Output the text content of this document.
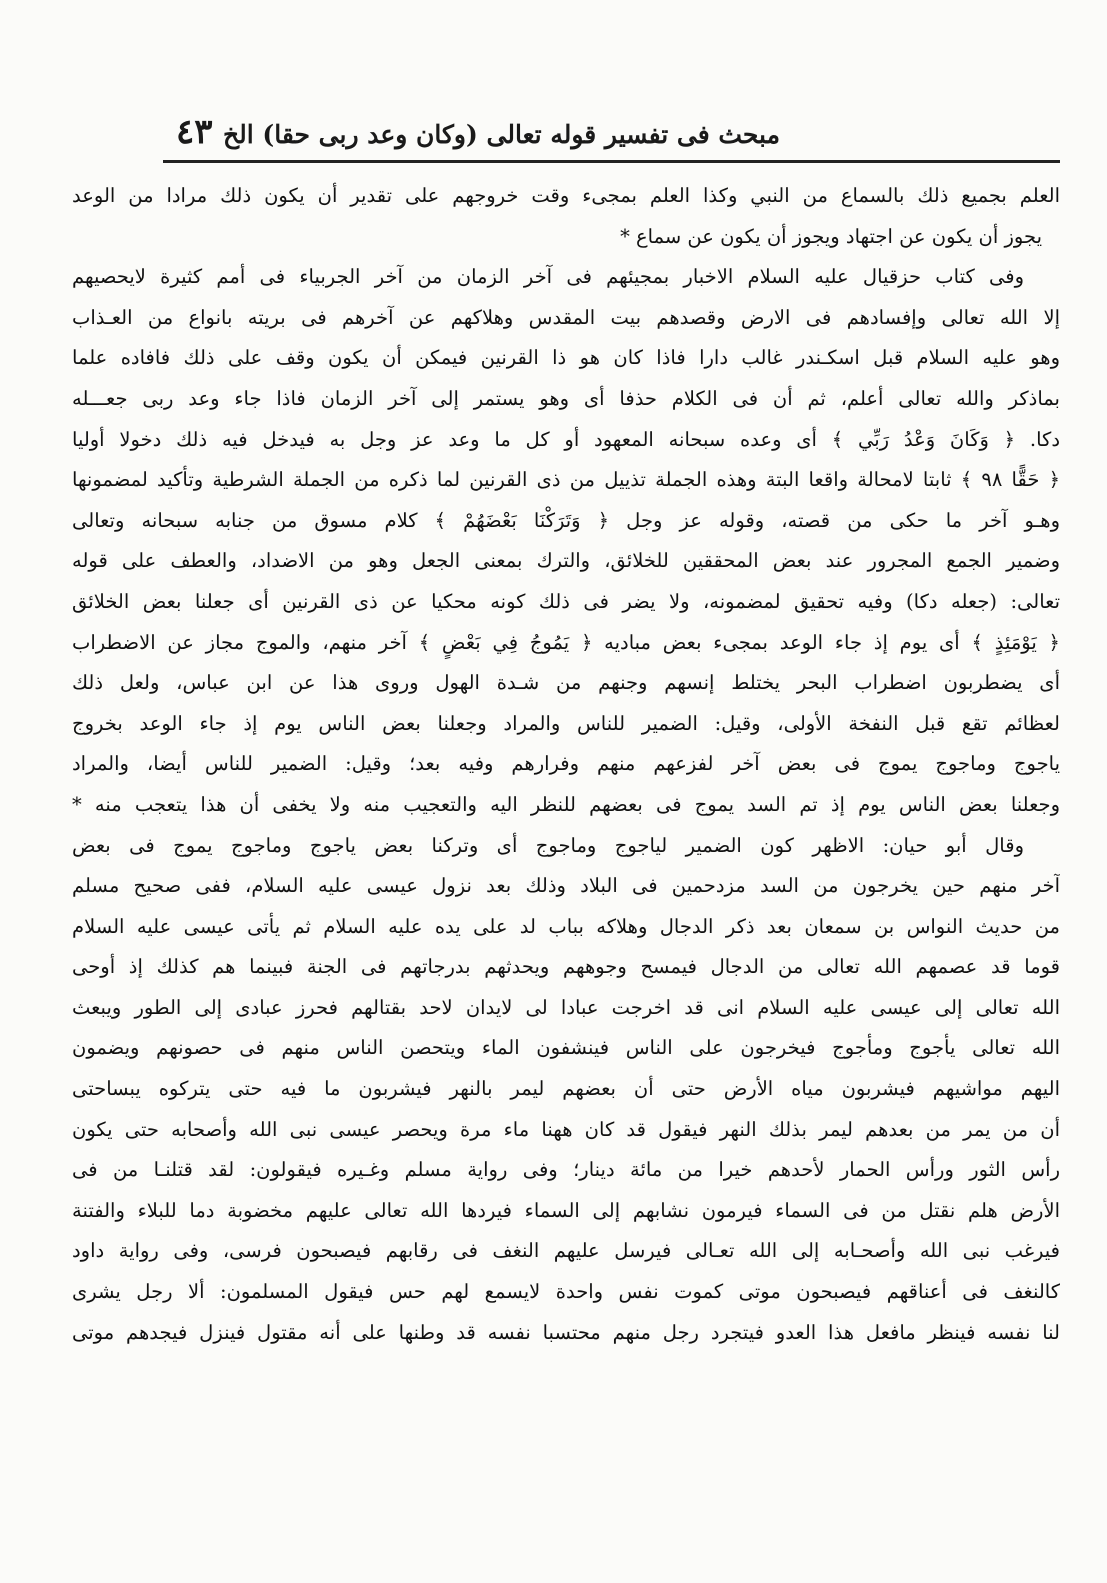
مبحث فى تفسير قوله تعالى (وكان وعد ربى حقا) الخ
٤٣
العلم بجميع ذلك بالسماع من النبي وكذا العلم بمجىء وقت خروجهم على تقدير أن يكون ذلك مرادا من الوعد
يجوز أن يكون عن اجتهاد ويجوز أن يكون عن سماع *
وفى كتاب حزقيال عليه السلام الاخبار بمجيئهم فى آخر الزمان من آخر الجربياء فى أمم كثيرة لايحصيهم
إلا الله تعالى وإفسادهم فى الارض وقصدهم بيت المقدس وهلاكهم عن آخرهم فى بريته بانواع من العـذاب
وهو عليه السلام قبل اسكـندر غالب دارا فاذا كان هو ذا القرنين فيمكن أن يكون وقف على ذلك فافاده علما
بماذكر والله تعالى أعلم، ثم أن فى الكلام حذفا أى وهو يستمر إلى آخر الزمان فاذا جاء وعد ربى جعـــله
دكا. ﴿ وَكَانَ وَعْدُ رَبِّي ﴾ أى وعده سبحانه المعهود أو كل ما وعد عز وجل به فيدخل فيه ذلك دخولا أوليا
﴿ حَقًّا ٩٨ ﴾ ثابتا لامحالة واقعا البتة وهذه الجملة تذييل من ذى القرنين لما ذكره من الجملة الشرطية وتأكيد لمضمونها
وهـو آخر ما حكى من قصته، وقوله عز وجل ﴿ وَتَرَكْنَا بَعْضَهُمْ ﴾ كلام مسوق من جنابه سبحانه وتعالى
وضمير الجمع المجرور عند بعض المحققين للخلائق، والترك بمعنى الجعل وهو من الاضداد، والعطف على قوله
تعالى: (جعله دكا) وفيه تحقيق لمضمونه، ولا يضر فى ذلك كونه محكيا عن ذى القرنين أى جعلنا بعض الخلائق
﴿ يَوْمَئِذٍ ﴾ أى يوم إذ جاء الوعد بمجىء بعض مباديه ﴿ يَمُوجُ فِي بَعْضٍ ﴾ آخر منهم، والموج مجاز عن الاضطراب
أى يضطربون اضطراب البحر يختلط إنسهم وجنهم من شـدة الهول وروى هذا عن ابن عباس، ولعل ذلك
لعظائم تقع قبل النفخة الأولى، وقيل: الضمير للناس والمراد وجعلنا بعض الناس يوم إذ جاء الوعد بخروج
ياجوج وماجوج يموج فى بعض آخر لفزعهم منهم وفرارهم وفيه بعد؛ وقيل: الضمير للناس أيضا، والمراد
وجعلنا بعض الناس يوم إذ تم السد يموج فى بعضهم للنظر اليه والتعجيب منه ولا يخفى أن هذا يتعجب منه *
وقال أبو حيان: الاظهر كون الضمير لياجوج وماجوج أى وتركنا بعض ياجوج وماجوج يموج فى بعض
آخر منهم حين يخرجون من السد مزدحمين فى البلاد وذلك بعد نزول عيسى عليه السلام، ففى صحيح مسلم
من حديث النواس بن سمعان بعد ذكر الدجال وهلاكه بباب لد على يده عليه السلام ثم يأتى عيسى عليه السلام
قوما قد عصمهم الله تعالى من الدجال فيمسح وجوههم ويحدثهم بدرجاتهم فى الجنة فبينما هم كذلك إذ أوحى
الله تعالى إلى عيسى عليه السلام انى قد اخرجت عبادا لى لايدان لاحد بقتالهم فحرز عبادى إلى الطور ويبعث
الله تعالى يأجوج ومأجوج فيخرجون على الناس فينشفون الماء ويتحصن الناس منهم فى حصونهم ويضمون
اليهم مواشيهم فيشربون مياه الأرض حتى أن بعضهم ليمر بالنهر فيشربون ما فيه حتى يتركوه يبساحتى
أن من يمر من بعدهم ليمر بذلك النهر فيقول قد كان ههنا ماء مرة ويحصر عيسى نبى الله وأصحابه حتى يكون
رأس الثور ورأس الحمار لأحدهم خيرا من مائة دينار؛ وفى رواية مسلم وغـيره فيقولون: لقد قتلنـا من فى
الأرض هلم نقتل من فى السماء فيرمون نشابهم إلى السماء فيردها الله تعالى عليهم مخضوبة دما للبلاء والفتنة
فيرغب نبى الله وأصحـابه إلى الله تعـالى فيرسل عليهم النغف فى رقابهم فيصبحون فرسى، وفى رواية داود
كالنغف فى أعناقهم فيصبحون موتى كموت نفس واحدة لايسمع لهم حس فيقول المسلمون: ألا رجل يشرى
لنا نفسه فينظر مافعل هذا العدو فيتجرد رجل منهم محتسبا نفسه قد وطنها على أنه مقتول فينزل فيجدهم موتى
